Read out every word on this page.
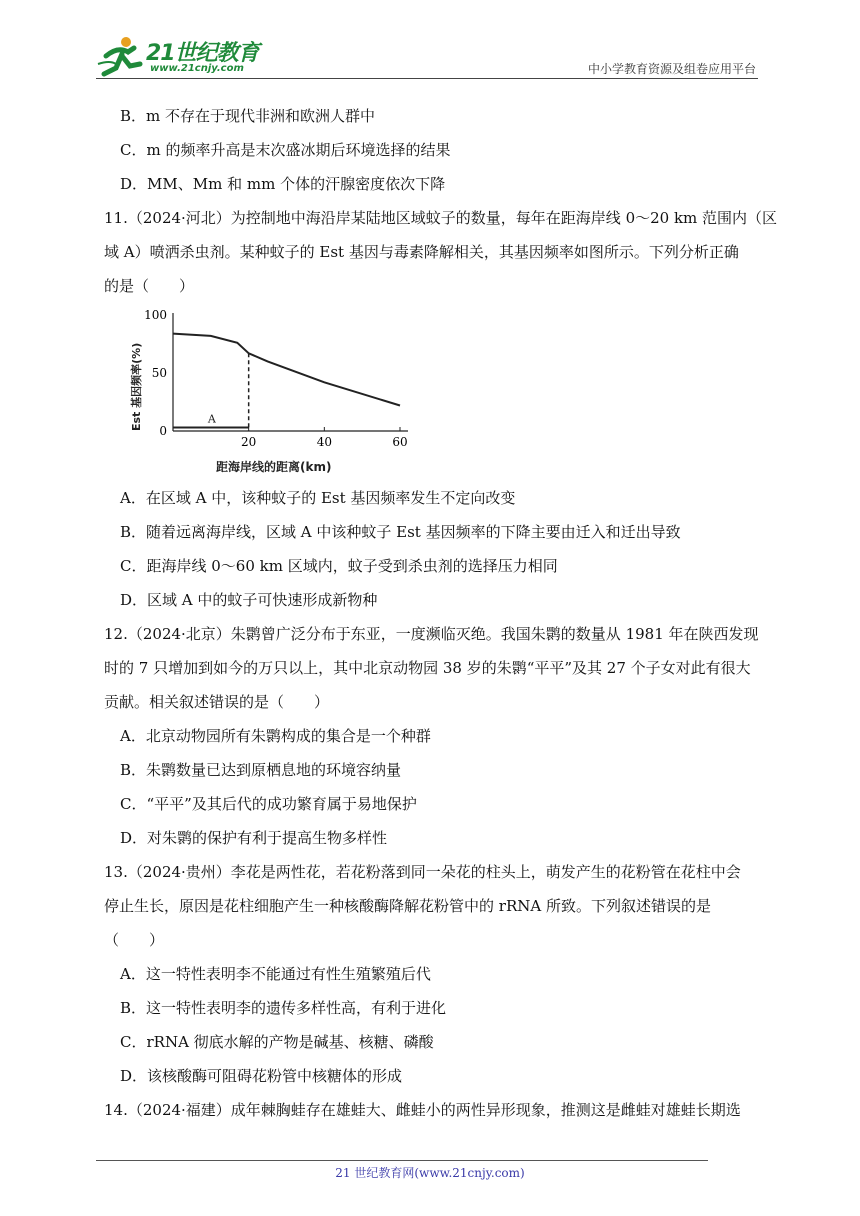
21世纪教育
www.21cnjy.com	中小学教育资源及组卷应用平台
B．m 不存在于现代非洲和欧洲人群中
C．m 的频率升高是末次盛冰期后环境选择的结果
D．MM、Mm 和 mm 个体的汗腺密度依次下降
11.（2024·河北）为控制地中海沿岸某陆地区域蚊子的数量，每年在距海岸线 0～20 km 范围内（区
域 A）喷洒杀虫剂。某种蚊子的 Est 基因与毒素降解相关，其基因频率如图所示。下列分析正确
的是（　　）
100
50
0
20	40	60
A
Est 基因频率(%)
距海岸线的距离(km)
A．在区域 A 中，该种蚊子的 Est 基因频率发生不定向改变
B．随着远离海岸线，区域 A 中该种蚊子 Est 基因频率的下降主要由迁入和迁出导致
C．距海岸线 0～60 km 区域内，蚊子受到杀虫剂的选择压力相同
D．区域 A 中的蚊子可快速形成新物种
12.（2024·北京）朱鹮曾广泛分布于东亚，一度濒临灭绝。我国朱鹮的数量从 1981 年在陕西发现
时的 7 只增加到如今的万只以上，其中北京动物园 38 岁的朱鹮“平平”及其 27 个子女对此有很大
贡献。相关叙述错误的是（　　）
A．北京动物园所有朱鹮构成的集合是一个种群
B．朱鹮数量已达到原栖息地的环境容纳量
C．“平平”及其后代的成功繁育属于易地保护
D．对朱鹮的保护有利于提高生物多样性
13.（2024·贵州）李花是两性花，若花粉落到同一朵花的柱头上，萌发产生的花粉管在花柱中会
停止生长，原因是花柱细胞产生一种核酸酶降解花粉管中的 rRNA 所致。下列叙述错误的是
（　　）
A．这一特性表明李不能通过有性生殖繁殖后代
B．这一特性表明李的遗传多样性高，有利于进化
C．rRNA 彻底水解的产物是碱基、核糖、磷酸
D．该核酸酶可阻碍花粉管中核糖体的形成
14.（2024·福建）成年棘胸蛙存在雄蛙大、雌蛙小的两性异形现象，推测这是雌蛙对雄蛙长期选
21 世纪教育网(www.21cnjy.com)
